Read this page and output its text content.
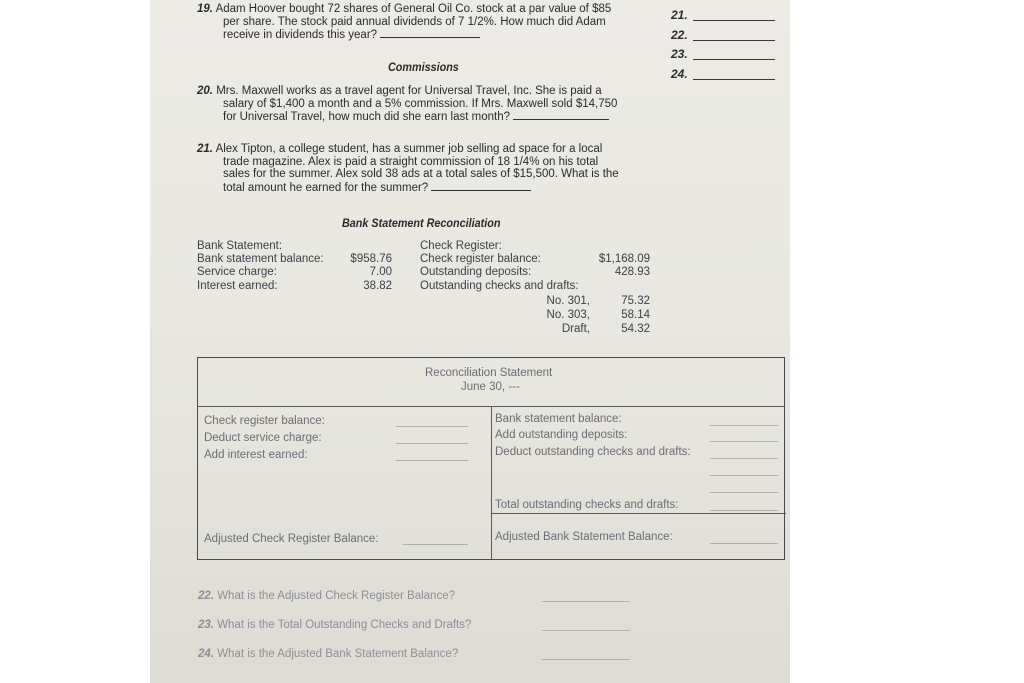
19. Adam Hoover bought 72 shares of General Oil Co. stock at a par value of $85
per share. The stock paid annual dividends of 7 1/2%. How much did Adam
receive in dividends this year?
21.
22.
23.
24.
Commissions
20. Mrs. Maxwell works as a travel agent for Universal Travel, Inc. She is paid a
salary of $1,400 a month and a 5% commission. If Mrs. Maxwell sold $14,750
for Universal Travel, how much did she earn last month?
21. Alex Tipton, a college student, has a summer job selling ad space for a local
trade magazine. Alex is paid a straight commission of 18 1/4% on his total
sales for the summer. Alex sold 38 ads at a total sales of $15,500. What is the
total amount he earned for the summer?
Bank Statement Reconciliation
Bank Statement:
Bank statement balance:	$958.76
Service charge:	7.00
Interest earned:	38.82
Check Register:
Check register balance:	$1,168.09
Outstanding deposits:	428.93
Outstanding checks and drafts:
No. 301,	75.32
No. 303,	58.14
Draft,	54.32
Reconciliation Statement
June 30, ---
Check register balance:
Deduct service charge:
Add interest earned:
Bank statement balance:
Add outstanding deposits:
Deduct outstanding checks and drafts:
Total outstanding checks and drafts:
Adjusted Check Register Balance:	Adjusted Bank Statement Balance:
22. What is the Adjusted Check Register Balance?
23. What is the Total Outstanding Checks and Drafts?
24. What is the Adjusted Bank Statement Balance?
